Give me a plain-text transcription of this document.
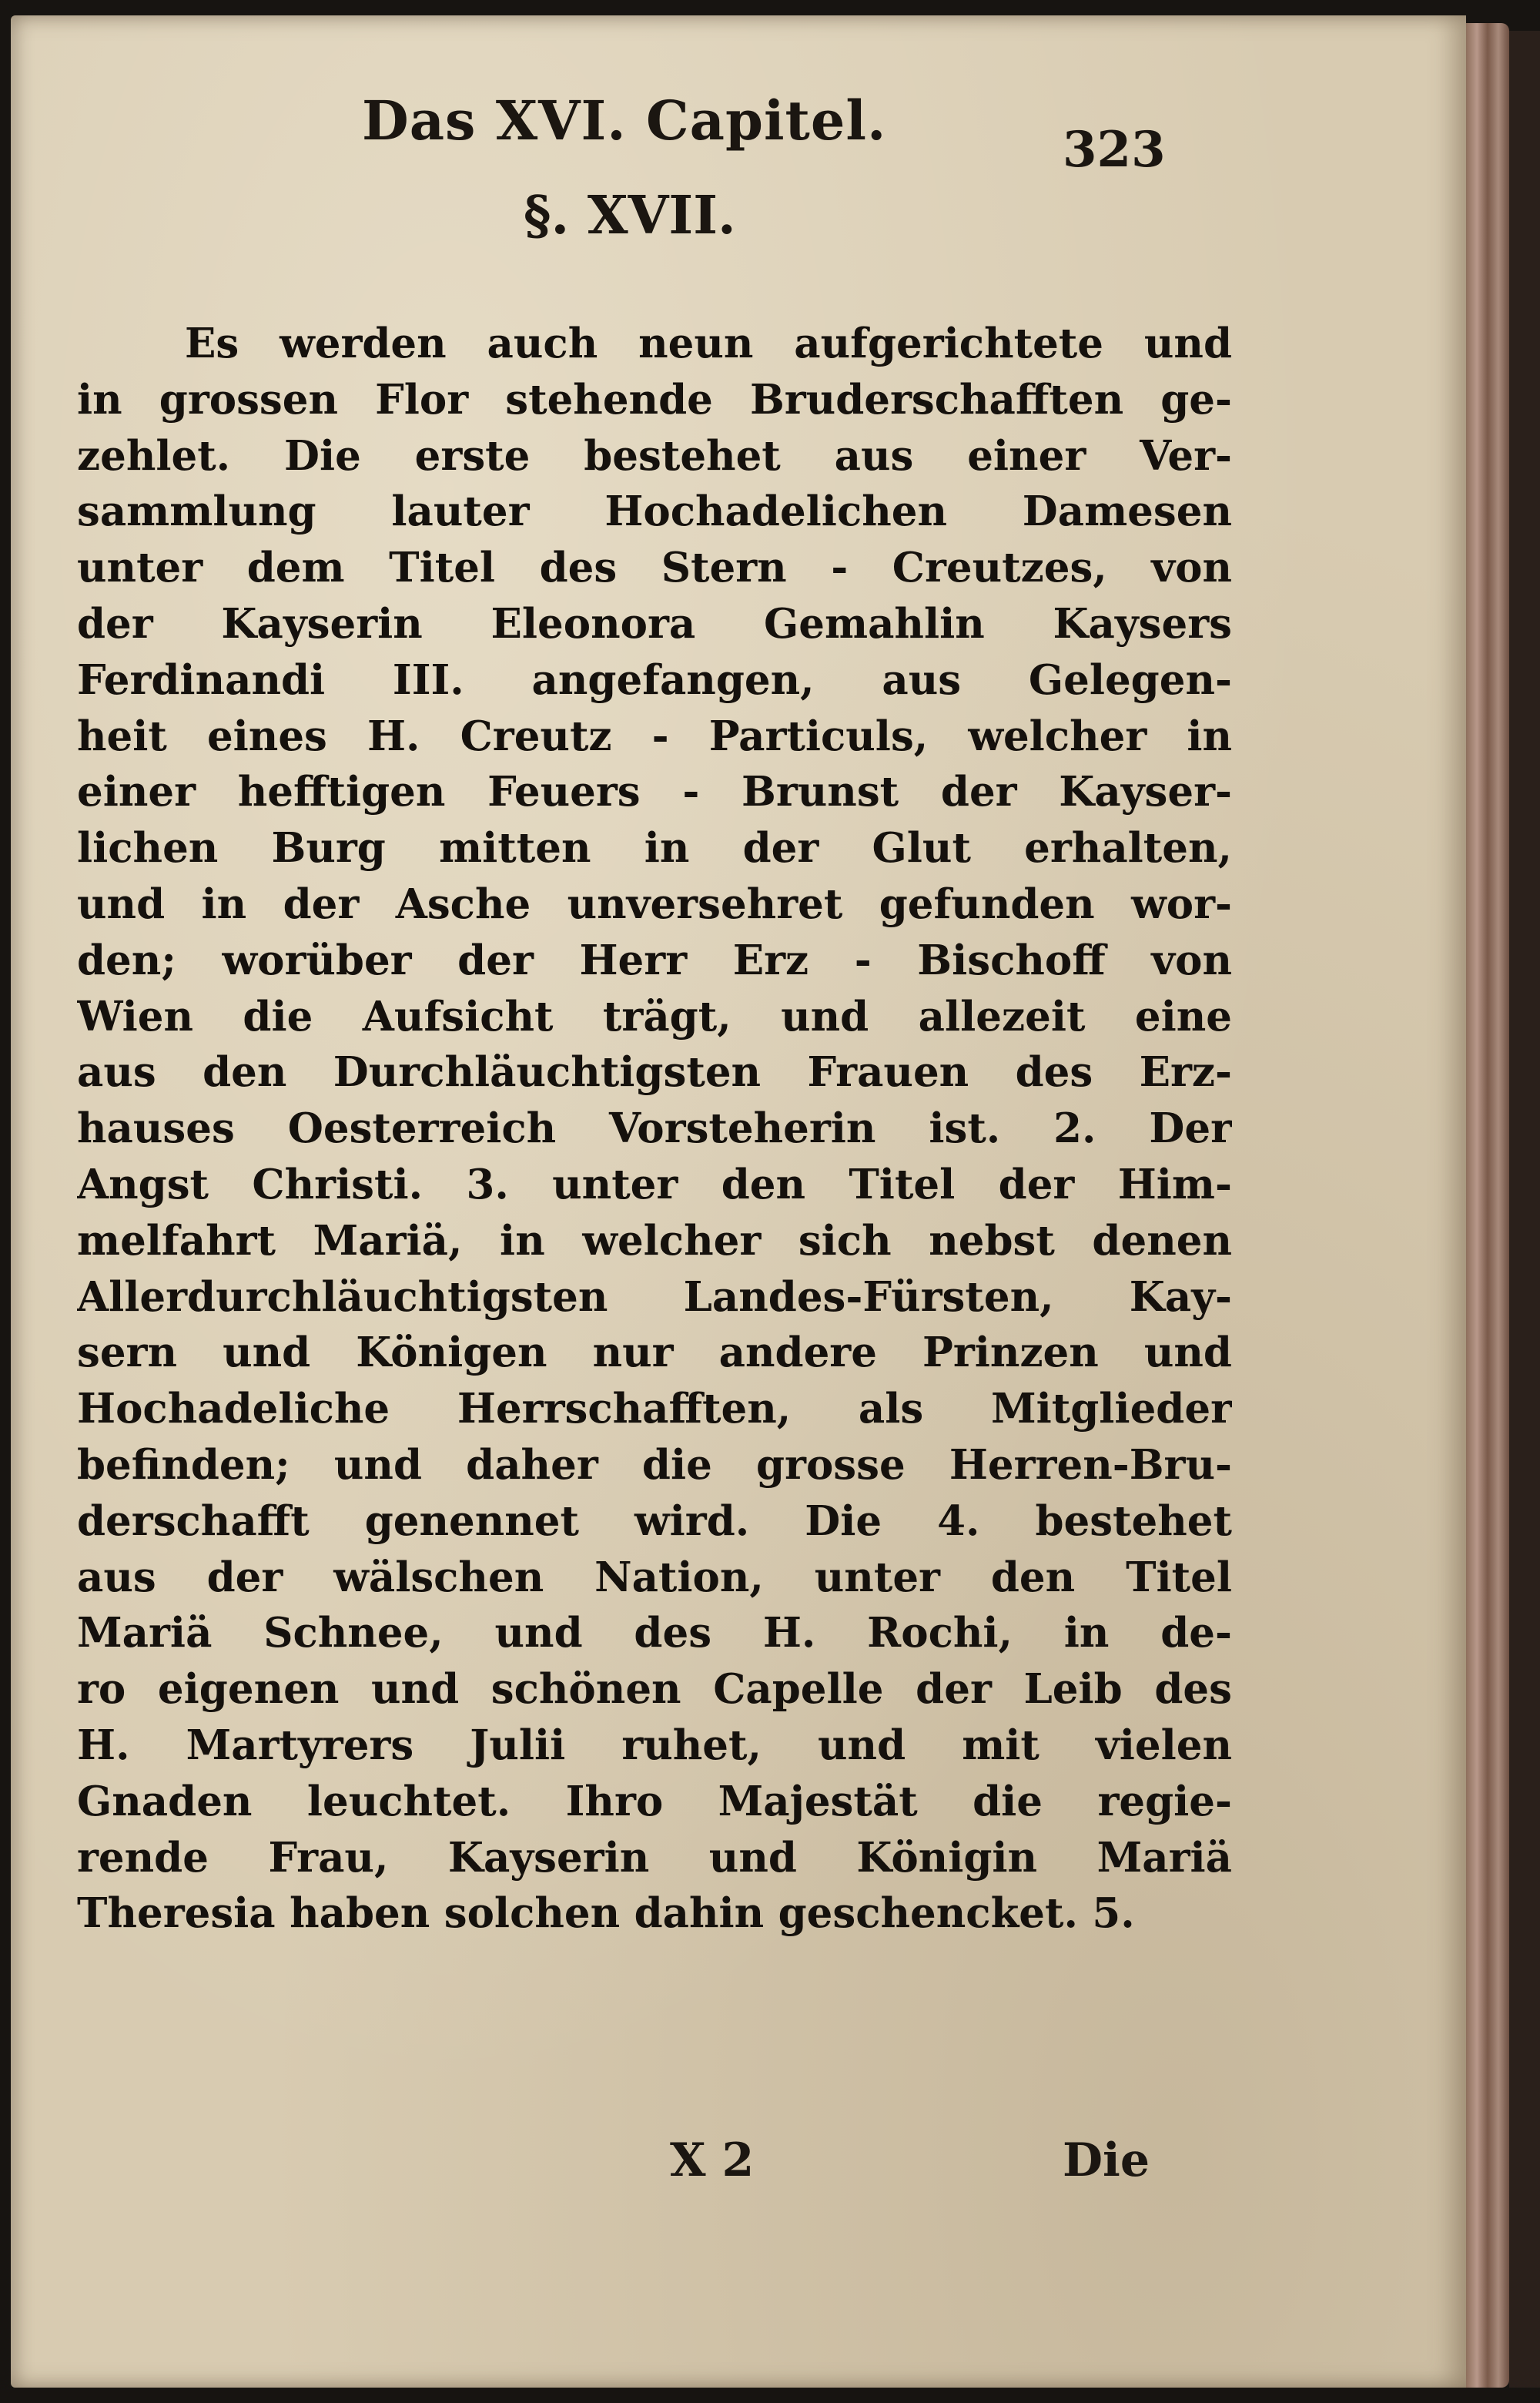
Das XVI. Capitel.	323
§. XVII.
Es werden auch neun aufgerichtete und
in grossen Flor stehende Bruderschafften ge-
zehlet. Die erste bestehet aus einer Ver-
sammlung lauter Hochadelichen Damesen
unter dem Titel des Stern - Creutzes, von
der Kayserin Eleonora Gemahlin Kaysers
Ferdinandi III. angefangen, aus Gelegen-
heit eines H. Creutz - Particuls, welcher in
einer hefftigen Feuers - Brunst der Kayser-
lichen Burg mitten in der Glut erhalten,
und in der Asche unversehret gefunden wor-
den; worüber der Herr Erz - Bischoff von
Wien die Aufsicht trägt, und allezeit eine
aus den Durchläuchtigsten Frauen des Erz-
hauses Oesterreich Vorsteherin ist. 2. Der
Angst Christi. 3. unter den Titel der Him-
melfahrt Mariä, in welcher sich nebst denen
Allerdurchläuchtigsten Landes-Fürsten, Kay-
sern und Königen nur andere Prinzen und
Hochadeliche Herrschafften, als Mitglieder
befinden; und daher die grosse Herren-Bru-
derschafft genennet wird. Die 4. bestehet
aus der wälschen Nation, unter den Titel
Mariä Schnee, und des H. Rochi, in de-
ro eigenen und schönen Capelle der Leib des
H. Martyrers Julii ruhet, und mit vielen
Gnaden leuchtet. Ihro Majestät die regie-
rende Frau, Kayserin und Königin Mariä
Theresia haben solchen dahin geschencket. 5.
X 2	Die
